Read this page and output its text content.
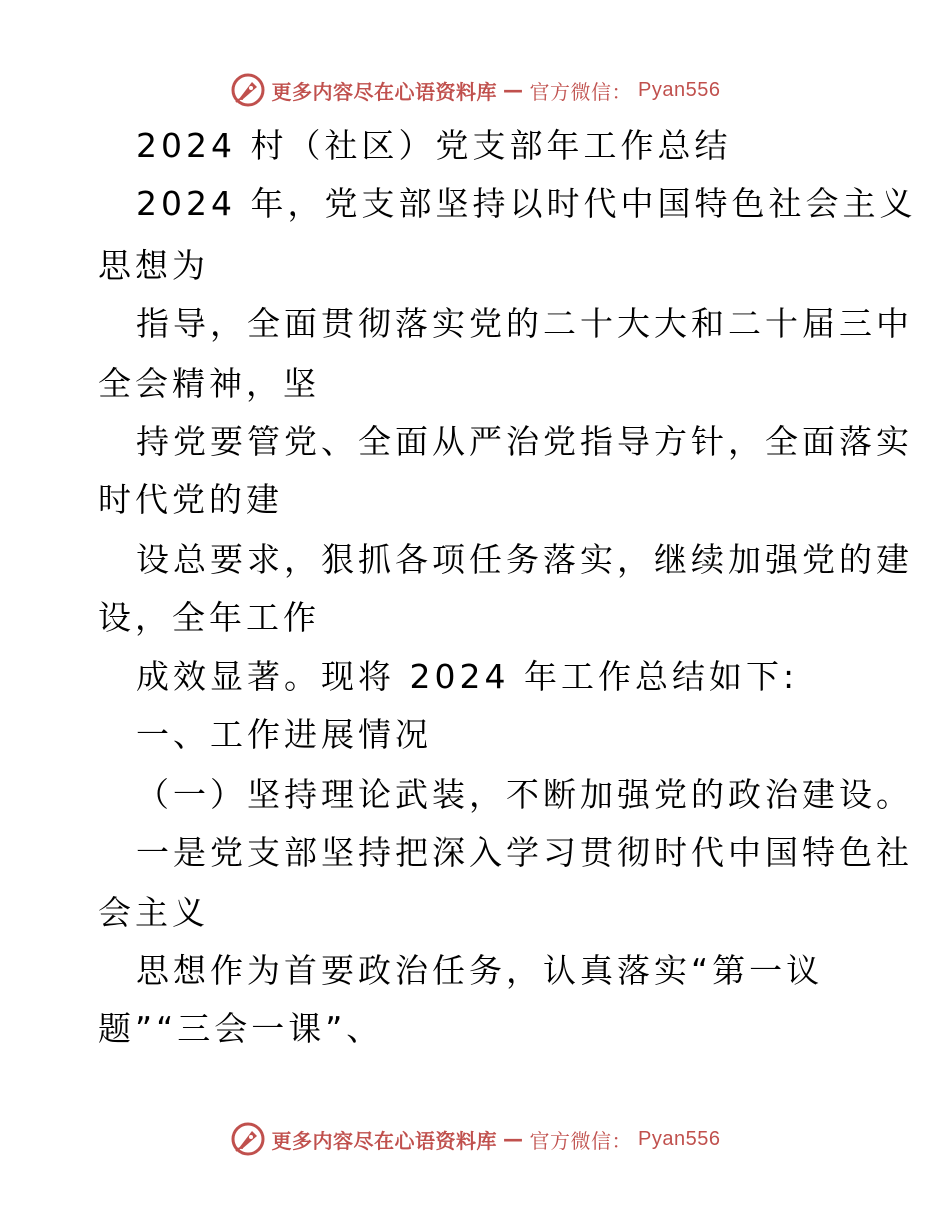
更多内容尽在心语资料库 — 官方微信： Pyan556
2024 村（社区）党支部年工作总结
2024 年，党支部坚持以时代中国特色社会主义
思想为
指导，全面贯彻落实党的二十大大和二十届三中
全会精神，坚
持党要管党、全面从严治党指导方针，全面落实
时代党的建
设总要求，狠抓各项任务落实，继续加强党的建
设，全年工作
成效显著。现将 2024 年工作总结如下:
一、工作进展情况
（一）坚持理论武装，不断加强党的政治建设。
一是党支部坚持把深入学习贯彻时代中国特色社
会主义
思想作为首要政治任务，认真落实“第一议
题”“三会一课”、
更多内容尽在心语资料库 — 官方微信： Pyan556
